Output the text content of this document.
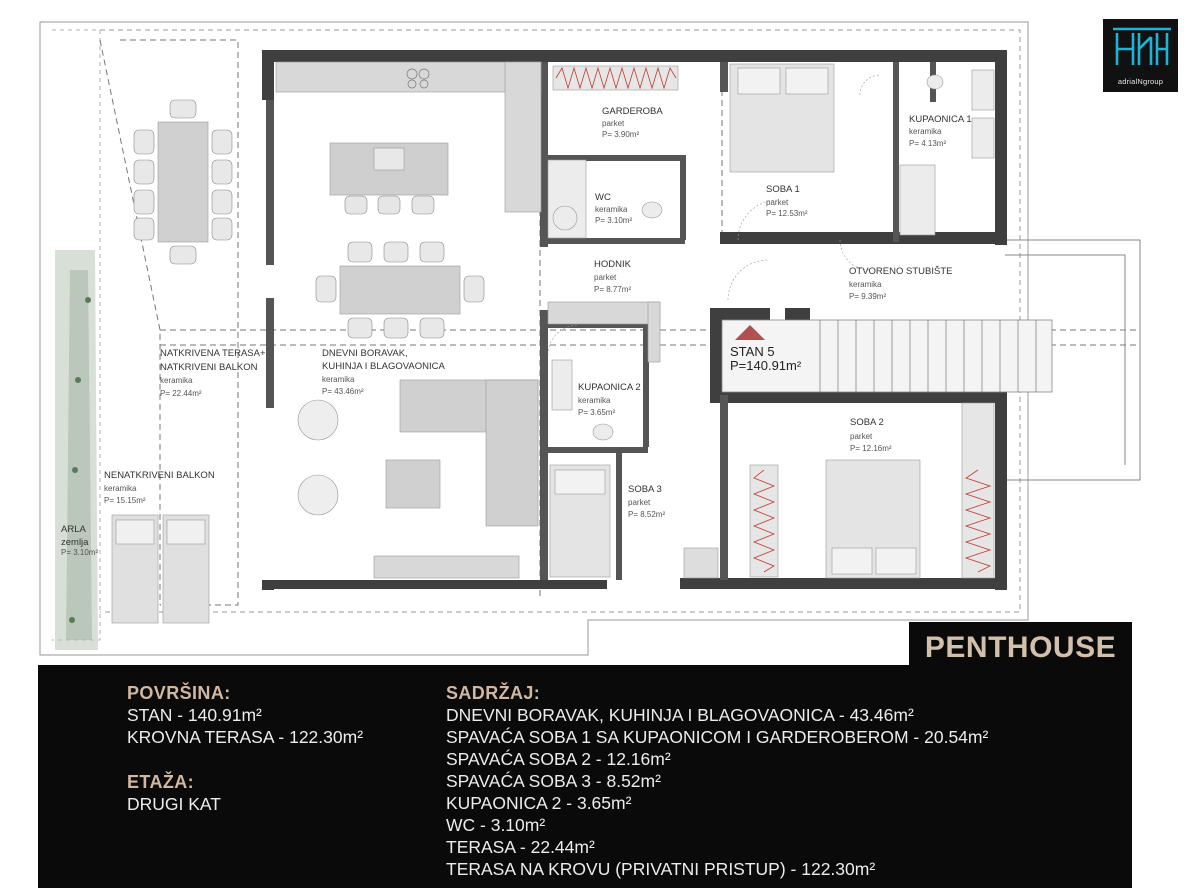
GARDEROBA
parket
P= 3.90m²
WC
keramika
P= 3.10m²
HODNIK
parket
P= 8.77m²
SOBA 1
parket
P= 12.53m²
KUPAONICA 1
keramika
P= 4.13m²
OTVORENO STUBIŠTE
keramika
P= 9.39m²
DNEVNI BORAVAK,
KUHINJA I BLAGOVAONICA
keramika
P= 43.46m²
NATKRIVENA TERASA+
NATKRIVENI BALKON
keramika
P= 22.44m²
KUPAONICA 2
keramika
P= 3.65m²
SOBA 2
parket
P= 12.16m²
SOBA 3
parket
P= 8.52m²
NENATKRIVENI BALKON
keramika
P= 15.15m²
ARLA
zemlja
P= 3.10m²
STAN 5
P=140.91m²
adrialNgroup
PENTHOUSE
POVRŠINA:
STAN - 140.91m²
KROVNA TERASA - 122.30m²
ETAŽA:
DRUGI KAT
SADRŽAJ:
DNEVNI BORAVAK, KUHINJA I BLAGOVAONICA - 43.46m²
SPAVAĆA SOBA 1 SA KUPAONICOM I GARDEROBEROM - 20.54m²
SPAVAĆA SOBA 2 - 12.16m²
SPAVAĆA SOBA 3 - 8.52m²
KUPAONICA 2 - 3.65m²
WC - 3.10m²
TERASA - 22.44m²
TERASA NA KROVU (PRIVATNI PRISTUP) - 122.30m²
